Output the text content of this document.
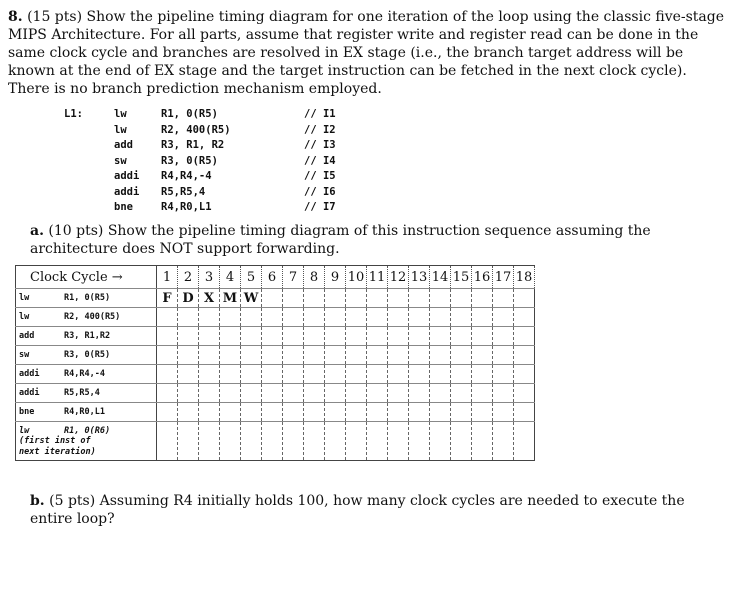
8. (15 pts) Show the pipeline timing diagram for one iteration of the loop using the classic five-stage MIPS Architecture. For all parts, assume that register write and register read can be done in the same clock cycle and branches are resolved in EX stage (i.e., the branch target address will be known at the end of EX stage and the target instruction can be fetched in the next clock cycle). There is no branch prediction mechanism employed.
L1:	lw	R1, 0(R5)	// I1
lw	R2, 400(R5)	// I2
add	R3, R1, R2	// I3
sw	R3, 0(R5)	// I4
addi R4,R4,-4	// I5
addi R5,R5,4	// I6
bne	R4,R0,L1	// I7
a. (10 pts) Show the pipeline timing diagram of this instruction sequence assuming the architecture does NOT support forwarding.
Clock Cycle →	1	2	3	4	5	6	7	8	9	10	11	12	13	14	15	16	17	18

lw R1, 0(R5)	F	D	X	M	W													

lw R2, 400(R5)																		

add R3, R1,R2																		

sw R3, 0(R5)																		

addi R4,R4,-4																		

addi R5,R5,4																		

bne R4,R0,L1																		

lw R1, 0(R6)
(first inst of
next iteration)																		

b. (5 pts) Assuming R4 initially holds 100, how many clock cycles are needed to execute the entire loop?
